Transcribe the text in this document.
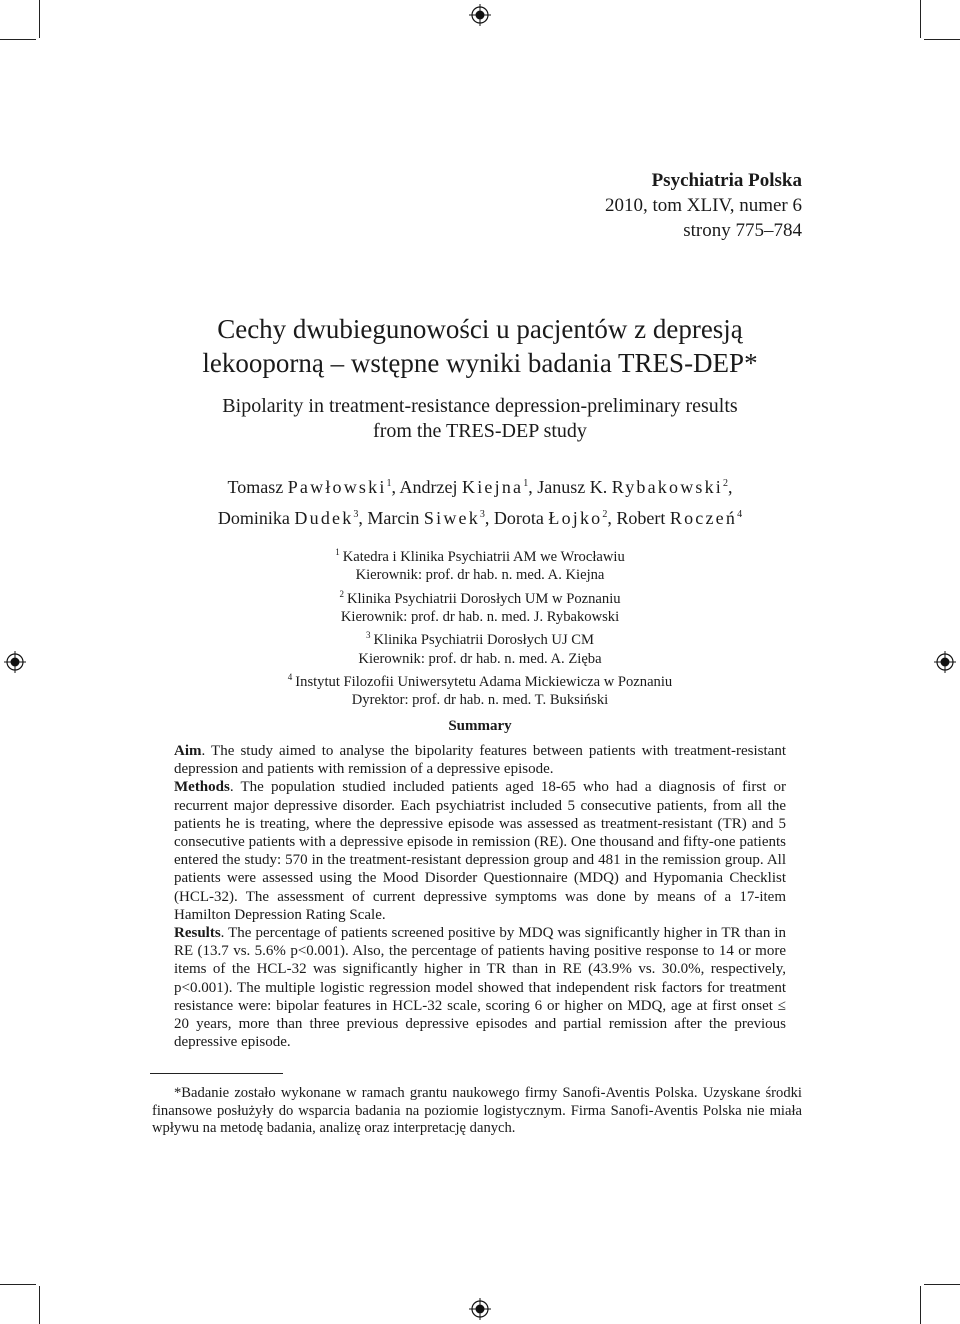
Psychiatria Polska
2010, tom XLIV, numer 6
strony 775–784
Cechy dwubiegunowości u pacjentów z depresją
lekooporną – wstępne wyniki badania TRES-DEP*
Bipolarity in treatment-resistance depression-preliminary results
from the TRES-DEP study
Tomasz Pawłowski$^1$, Andrzej Kiejna$^1$, Janusz K. Rybakowski$^2$,
Dominika Dudek$^3$, Marcin Siwek$^3$, Dorota Łojko$^2$, Robert Roczeń$^4$
$^1$ Katedra i Klinika Psychiatrii AM we Wrocławiu
Kierownik: prof. dr hab. n. med. A. Kiejna
$^2$ Klinika Psychiatrii Dorosłych UM w Poznaniu
Kierownik: prof. dr hab. n. med. J. Rybakowski
$^3$ Klinika Psychiatrii Dorosłych UJ CM
Kierownik: prof. dr hab. n. med. A. Zięba
$^4$ Instytut Filozofii Uniwersytetu Adama Mickiewicza w Poznaniu
Dyrektor: prof. dr hab. n. med. T. Buksiński
Summary

Aim. The study aimed to analyse the bipolarity features between patients with treatment-resistant depression and patients with remission of a depressive episode.

Methods. The population studied included patients aged 18-65 who had a diagnosis of first or recurrent major depressive disorder. Each psychiatrist included 5 consecutive patients, from all the patients he is treating, where the depressive episode was assessed as treatment-resistant (TR) and 5 consecutive patients with a depressive episode in remission (RE). One thousand and fifty-one patients entered the study: 570 in the treatment-resistant depression group and 481 in the remission group. All patients were assessed using the Mood Disorder Questionnaire (MDQ) and Hypomania Checklist (HCL-32). The assessment of current depressive symptoms was done by means of a 17-item Hamilton Depression Rating Scale.

Results. The percentage of patients screened positive by MDQ was significantly higher in TR than in RE (13.7 vs. 5.6% p<0.001). Also, the percentage of patients having positive response to 14 or more items of the HCL-32 was significantly higher in TR than in RE (43.9% vs. 30.0%, respectively, p<0.001). The multiple logistic regression model showed that independent risk factors for treatment resistance were: bipolar features in HCL-32 scale, scoring 6 or higher on MDQ, age at first onset ≤ 20 years, more than three previous depressive episodes and partial remission after the previous depressive episode.

*Badanie zostało wykonane w ramach grantu naukowego firmy Sanofi-Aventis Polska. Uzyskane środki finansowe posłużyły do wsparcia badania na poziomie logistycznym. Firma Sanofi-Aventis Polska nie miała wpływu na metodę badania, analizę oraz interpretację danych.
